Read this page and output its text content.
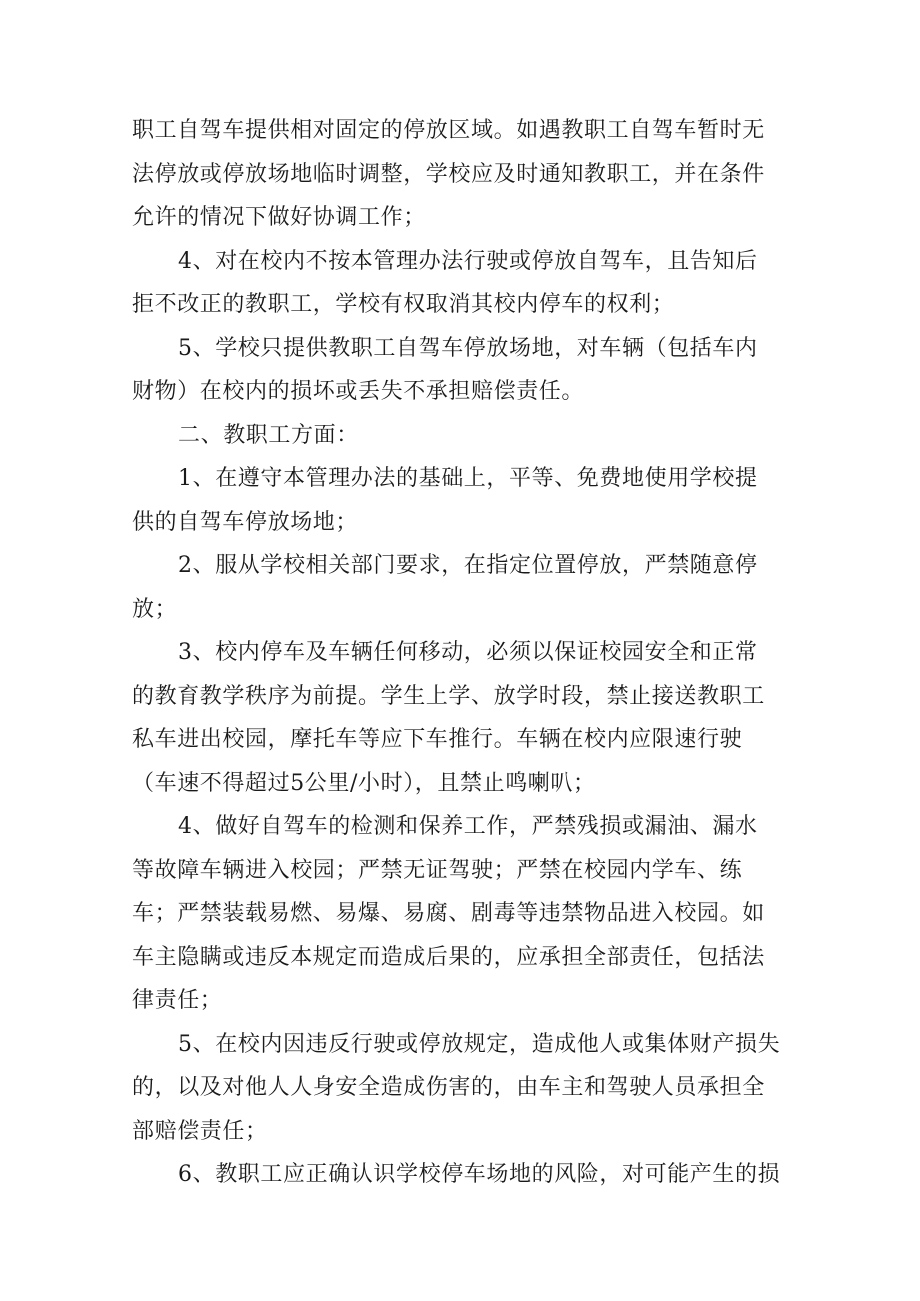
职工自驾车提供相对固定的停放区域。如遇教职工自驾车暂时无
法停放或停放场地临时调整，学校应及时通知教职工，并在条件
允许的情况下做好协调工作；
4、对在校内不按本管理办法行驶或停放自驾车，且告知后
拒不改正的教职工，学校有权取消其校内停车的权利；
5、学校只提供教职工自驾车停放场地，对车辆（包括车内
财物）在校内的损坏或丢失不承担赔偿责任。
二、教职工方面：
1、在遵守本管理办法的基础上，平等、免费地使用学校提
供的自驾车停放场地；
2、服从学校相关部门要求，在指定位置停放，严禁随意停
放；
3、校内停车及车辆任何移动，必须以保证校园安全和正常
的教育教学秩序为前提。学生上学、放学时段，禁止接送教职工
私车进出校园，摩托车等应下车推行。车辆在校内应限速行驶
（车速不得超过5公里/小时），且禁止鸣喇叭；
4、做好自驾车的检测和保养工作，严禁残损或漏油、漏水
等故障车辆进入校园；严禁无证驾驶；严禁在校园内学车、练
车；严禁装载易燃、易爆、易腐、剧毒等违禁物品进入校园。如
车主隐瞒或违反本规定而造成后果的，应承担全部责任，包括法
律责任；
5、在校内因违反行驶或停放规定，造成他人或集体财产损失
的，以及对他人人身安全造成伤害的，由车主和驾驶人员承担全
部赔偿责任；
6、教职工应正确认识学校停车场地的风险，对可能产生的损
